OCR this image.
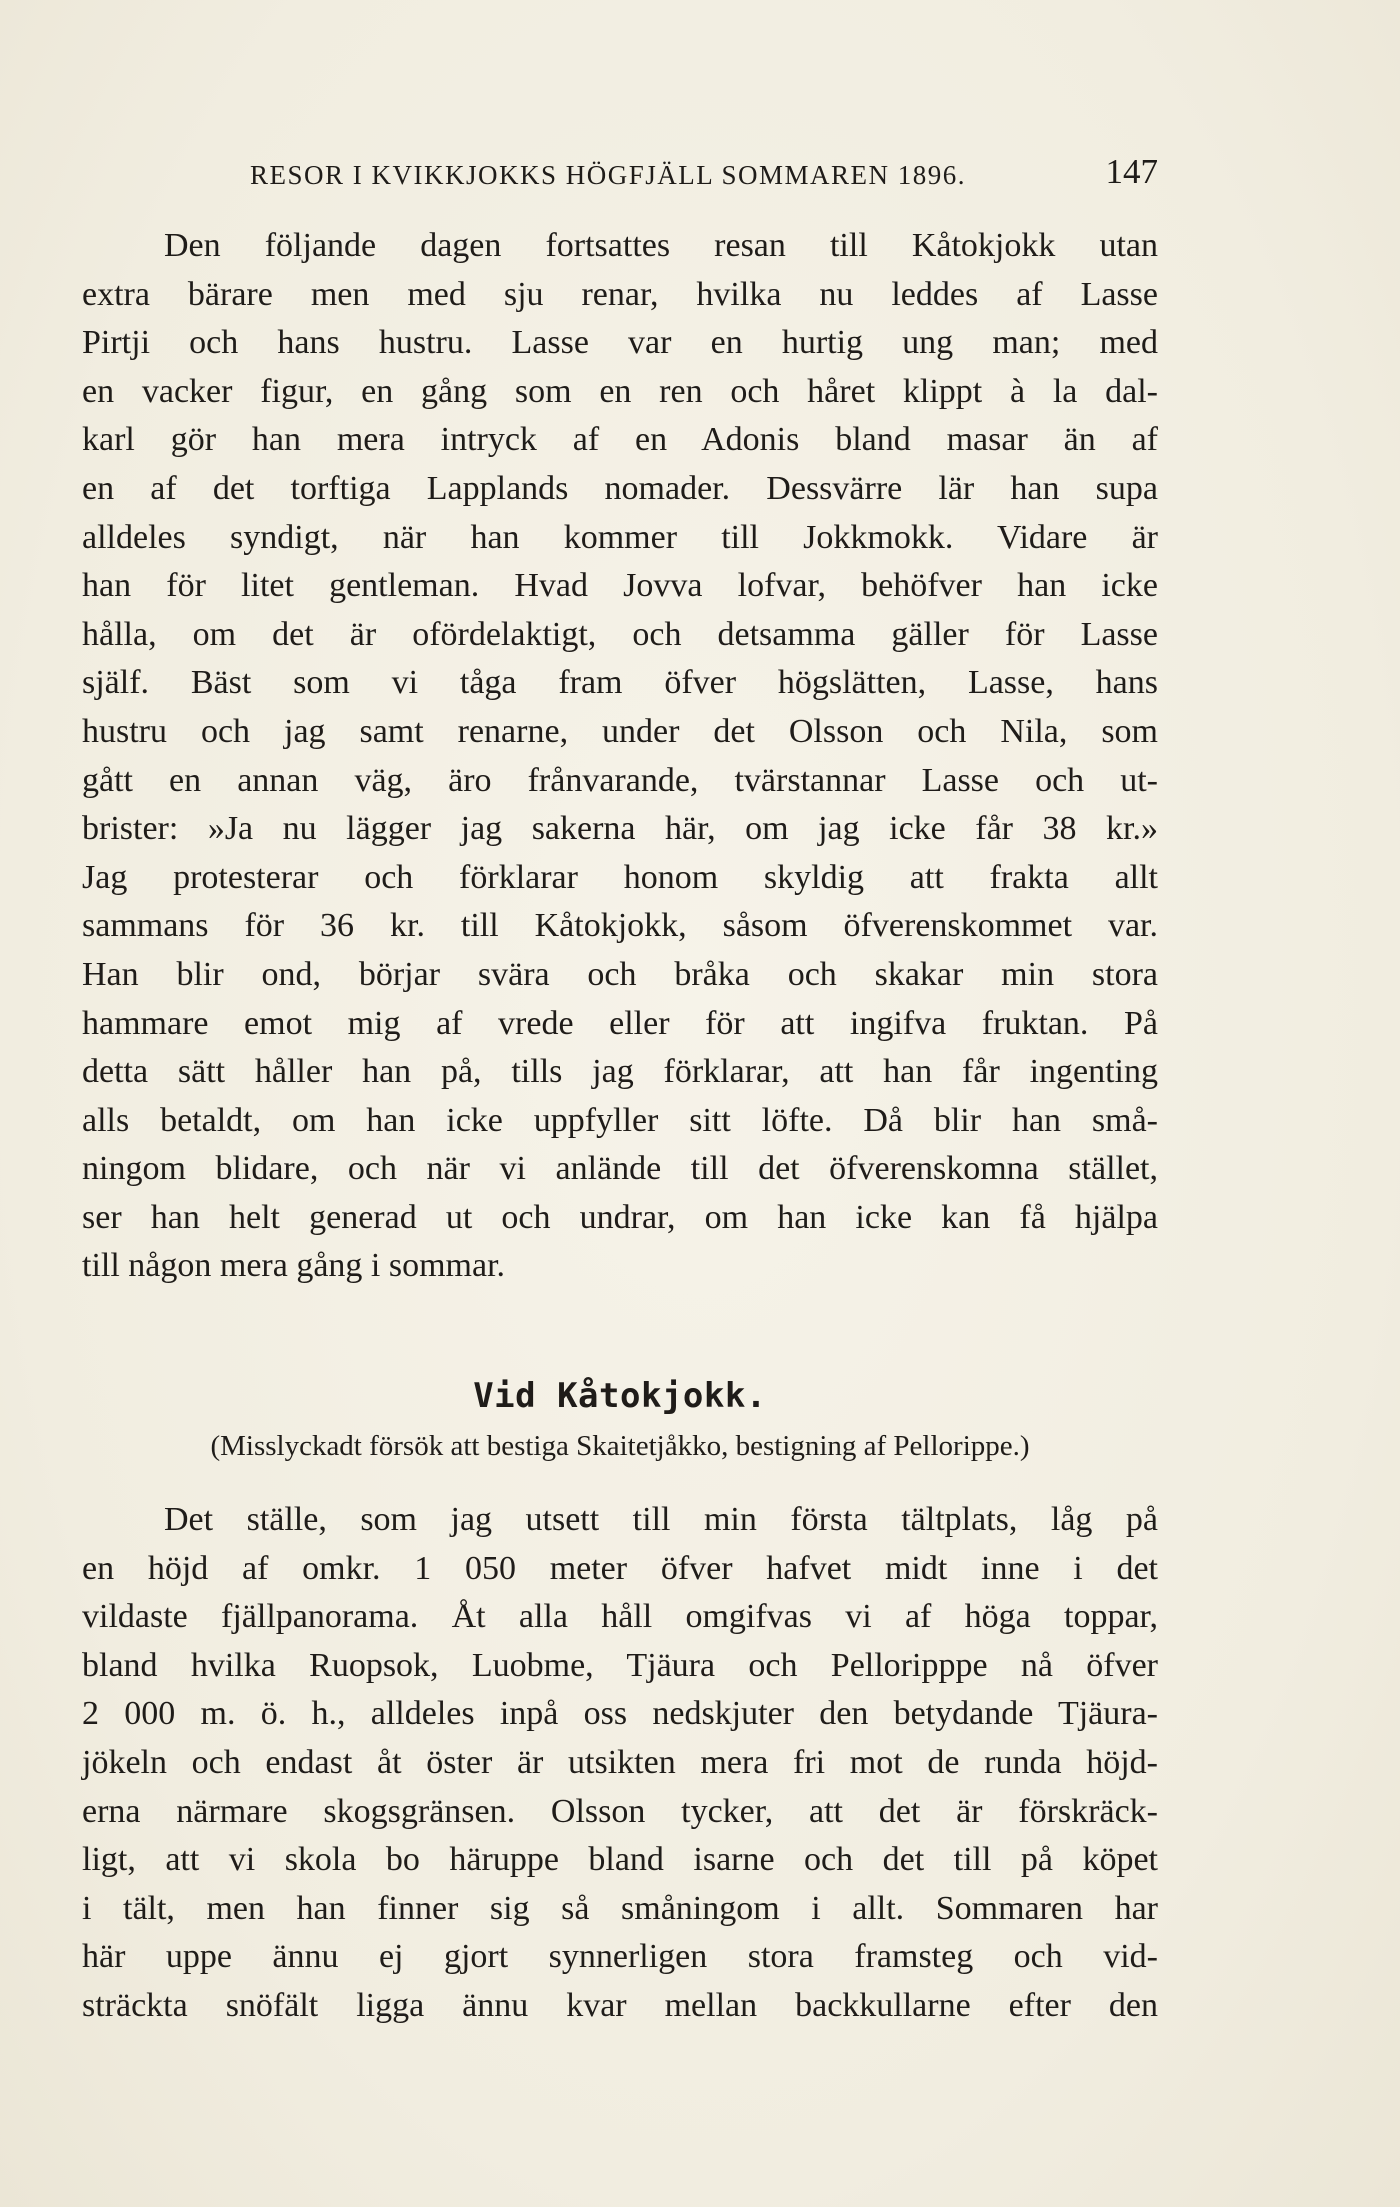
RESOR I KVIKKJOKKS HÖGFJÄLL SOMMAREN 1896.	147
Den följande dagen fortsattes resan till Kåtokjokk utan
extra bärare men med sju renar, hvilka nu leddes af Lasse
Pirtji och hans hustru. Lasse var en hurtig ung man; med
en vacker figur, en gång som en ren och håret klippt à la dal-
karl gör han mera intryck af en Adonis bland masar än af
en af det torftiga Lapplands nomader. Dessvärre lär han supa
alldeles syndigt, när han kommer till Jokkmokk. Vidare är
han för litet gentleman. Hvad Jovva lofvar, behöfver han icke
hålla, om det är ofördelaktigt, och detsamma gäller för Lasse
själf. Bäst som vi tåga fram öfver högslätten, Lasse, hans
hustru och jag samt renarne, under det Olsson och Nila, som
gått en annan väg, äro frånvarande, tvärstannar Lasse och ut-
brister: »Ja nu lägger jag sakerna här, om jag icke får 38 kr.»
Jag protesterar och förklarar honom skyldig att frakta allt
sammans för 36 kr. till Kåtokjokk, såsom öfverenskommet var.
Han blir ond, börjar svära och bråka och skakar min stora
hammare emot mig af vrede eller för att ingifva fruktan. På
detta sätt håller han på, tills jag förklarar, att han får ingenting
alls betaldt, om han icke uppfyller sitt löfte. Då blir han små-
ningom blidare, och när vi anlände till det öfverenskomna stället,
ser han helt generad ut och undrar, om han icke kan få hjälpa
till någon mera gång i sommar.
Vid Kåtokjokk.
(Misslyckadt försök att bestiga Skaitetjåkko, bestigning af Pellorippe.)
Det ställe, som jag utsett till min första tältplats, låg på
en höjd af omkr. 1 050 meter öfver hafvet midt inne i det
vildaste fjällpanorama. Åt alla håll omgifvas vi af höga toppar,
bland hvilka Ruopsok, Luobme, Tjäura och Pelloripppe nå öfver
2 000 m. ö. h., alldeles inpå oss nedskjuter den betydande Tjäura-
jökeln och endast åt öster är utsikten mera fri mot de runda höjd-
erna närmare skogsgränsen. Olsson tycker, att det är förskräck-
ligt, att vi skola bo häruppe bland isarne och det till på köpet
i tält, men han finner sig så småningom i allt. Sommaren har
här uppe ännu ej gjort synnerligen stora framsteg och vid-
sträckta snöfält ligga ännu kvar mellan backkullarne efter den
